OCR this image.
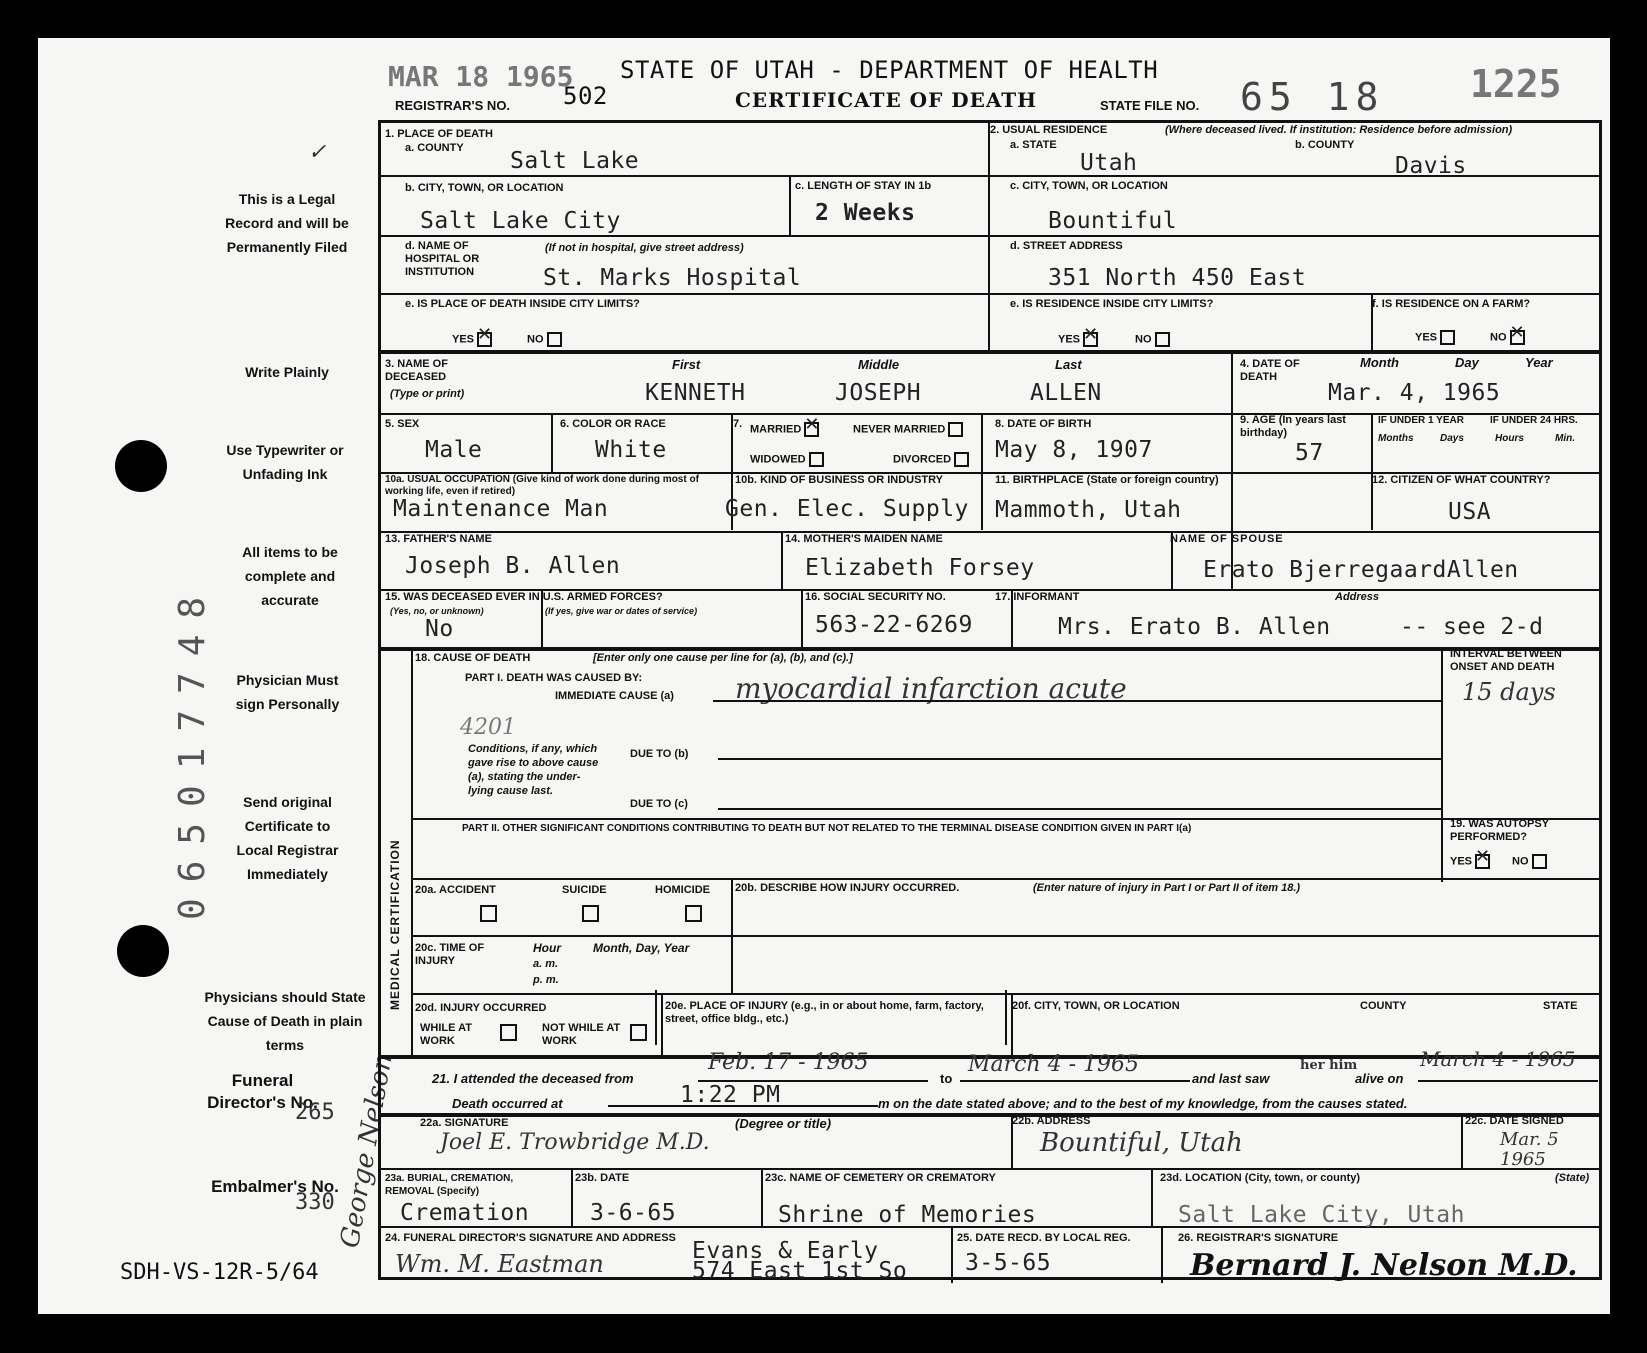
This is a Legal Record and will be Permanently Filed
Write Plainly
Use Typewriter or Unfading Ink
All items to be complete and accurate
Physician Must sign Personally
Send original Certificate to Local Registrar Immediately
Physicians should State Cause of Death in plain terms
Funeral Director's No.
265
Embalmer's No.
330
065017748
George Nelson
SDH-VS-12R-5/64
MAR 18 1965 STATE OF UTAH - DEPARTMENT OF HEALTH
REGISTRAR'S NO. 502	CERTIFICATE OF DEATH	STATE FILE NO. 65 18 1225
✓
1. PLACE OF DEATH
a. COUNTY Salt Lake
2. USUAL RESIDENCE	(Where deceased lived. If institution: Residence before admission)
a. STATE	b. COUNTY
Utah	Davis
b. CITY, TOWN, OR LOCATION
Salt Lake City
c. LENGTH OF STAY IN 1b
2 Weeks
c. CITY, TOWN, OR LOCATION
Bountiful
d. NAME OF HOSPITAL OR INSTITUTION
(If not in hospital, give street address)
St. Marks Hospital
d. STREET ADDRESS
351 North 450 East
e. IS PLACE OF DEATH INSIDE CITY LIMITS?
YES ✕	NO
e. IS RESIDENCE INSIDE CITY LIMITS?
YES ✕	NO
f. IS RESIDENCE ON A FARM?
YES	NO✕
3. NAME OF DECEASED
(Type or print)
First	Middle	Last
KENNETH	JOSEPH	ALLEN
4. DATE OF DEATH
Month	Day	Year
Mar. 4, 1965
5. SEX
Male
6. COLOR OR RACE
White
7. MARRIED ✕	NEVER MARRIED
WIDOWED	DIVORCED
8. DATE OF BIRTH
May 8, 1907
9. AGE (In years last birthday)
57
IF UNDER 1 YEAR	IF UNDER 24 HRS.
Months	Days	Hours	Min.
10a. USUAL OCCUPATION (Give kind of work done during most of working life, even if retired)
Maintenance Man
10b. KIND OF BUSINESS OR INDUSTRY
Gen. Elec. Supply
11. BIRTHPLACE (State or foreign country)
Mammoth, Utah
12. CITIZEN OF WHAT COUNTRY?
USA
13. FATHER'S NAME
Joseph B. Allen
14. MOTHER'S MAIDEN NAME
Elizabeth Forsey
NAME OF SPOUSE
Erato BjerregaardAllen
15. WAS DECEASED EVER IN U.S. ARMED FORCES?
(Yes, no, or unknown)	(If yes, give war or dates of service)
No
16. SOCIAL SECURITY NO.
563-22-6269
17. INFORMANT	Address
Mrs. Erato B. Allen	-- see 2-d
MEDICAL CERTIFICATION
18. CAUSE OF DEATH	[Enter only one cause per line for (a), (b), and (c).]
PART I. DEATH WAS CAUSED BY:
IMMEDIATE CAUSE (a) myocardial infarction acute
INTERVAL BETWEEN ONSET AND DEATH
15 days
4201
Conditions, if any, which gave rise to above cause (a), stating the under-lying cause last.
DUE TO (b)
DUE TO (c)
PART II. OTHER SIGNIFICANT CONDITIONS CONTRIBUTING TO DEATH BUT NOT RELATED TO THE TERMINAL DISEASE CONDITION GIVEN IN PART I(a)	19. WAS AUTOPSY PERFORMED?
YES ✕	NO
20a. ACCIDENT	SUICIDE	HOMICIDE 20b. DESCRIBE HOW INJURY OCCURRED.	(Enter nature of injury in Part I or Part II of item 18.)
20c. TIME OF INJURY
Hour
a. m.
p. m.
Month, Day, Year
20d. INJURY OCCURRED
WHILE AT WORK
NOT WHILE AT WORK
20e. PLACE OF INJURY (e.g., in or about home, farm, factory, street, office bldg., etc.)
20f. CITY, TOWN, OR LOCATION	COUNTY	STATE
21. I attended the deceased from
Feb. 17 - 1965
to
March 4 - 1965
and last saw
her him
alive on
March 4 - 1965
Death occurred at	1:22 PM	m on the date stated above; and to the best of my knowledge, from the causes stated.
22a. SIGNATURE	(Degree or title)
Joel E. Trowbridge M.D.
22b. ADDRESS
Bountiful, Utah
22c. DATE SIGNED
Mar. 5 1965
23a. BURIAL, CREMATION, REMOVAL (Specify)
Cremation
23b. DATE
3-6-65
23c. NAME OF CEMETERY OR CREMATORY
Shrine of Memories
23d. LOCATION (City, town, or county)	(State)
Salt Lake City, Utah
24. FUNERAL DIRECTOR'S SIGNATURE AND ADDRESS Evans & Early
574 East 1st So
Wm. M. Eastman
25. DATE RECD. BY LOCAL REG.
3-5-65
26. REGISTRAR'S SIGNATURE
Bernard J. Nelson M.D.
